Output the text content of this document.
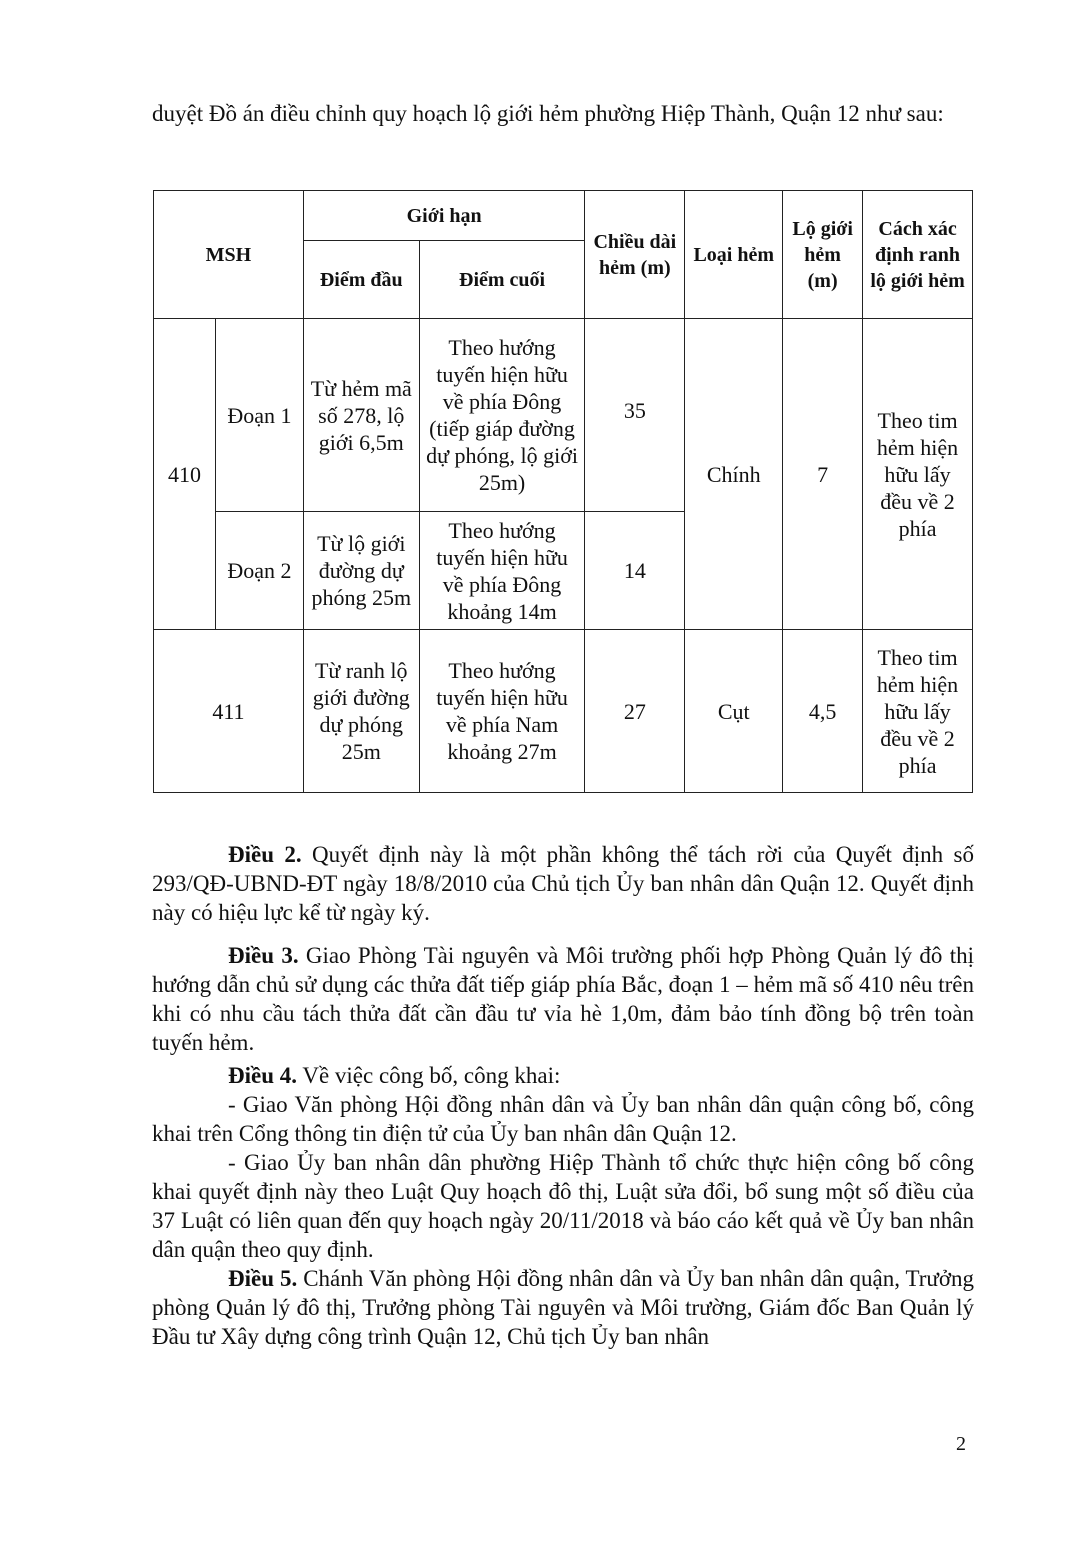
duyệt Đồ án điều chỉnh quy hoạch lộ giới hẻm phường Hiệp Thành, Quận 12 như sau:

MSH		Giới hạn		Chiều dài hẻm (m)	Loại hẻm	Lộ giới hẻm (m)	Cách xác định ranh lộ giới hẻm
		Điểm đầu	Điểm cuối				
410	Đoạn 1	Từ hẻm mã số 278, lộ giới 6,5m	Theo hướng tuyến hiện hữu về phía Đông (tiếp giáp đường dự phóng, lộ giới 25m)	35	Chính	7	Theo tim hẻm hiện hữu lấy đều về 2 phía
	Đoạn 2	Từ lộ giới đường dự phóng 25m	Theo hướng tuyến hiện hữu về phía Đông khoảng 14m	14			
411		Từ ranh lộ giới đường dự phóng 25m	Theo hướng tuyến hiện hữu về phía Nam khoảng 27m	27	Cụt	4,5	Theo tim hẻm hiện hữu lấy đều về 2 phía

Điều 2. Quyết định này là một phần không thể tách rời của Quyết định số 293/QĐ-UBND-ĐT ngày 18/8/2010 của Chủ tịch Ủy ban nhân dân Quận 12. Quyết định này có hiệu lực kể từ ngày ký.

Điều 3. Giao Phòng Tài nguyên và Môi trường phối hợp Phòng Quản lý đô thị hướng dẫn chủ sử dụng các thửa đất tiếp giáp phía Bắc, đoạn 1 – hẻm mã số 410 nêu trên khi có nhu cầu tách thửa đất cần đầu tư vỉa hè 1,0m, đảm bảo tính đồng bộ trên toàn tuyến hẻm.

Điều 4. Về việc công bố, công khai:

- Giao Văn phòng Hội đồng nhân dân và Ủy ban nhân dân quận công bố, công khai trên Cổng thông tin điện tử của Ủy ban nhân dân Quận 12.

- Giao Ủy ban nhân dân phường Hiệp Thành tổ chức thực hiện công bố công khai quyết định này theo Luật Quy hoạch đô thị, Luật sửa đổi, bổ sung một số điều của 37 Luật có liên quan đến quy hoạch ngày 20/11/2018 và báo cáo kết quả về Ủy ban nhân dân quận theo quy định.

Điều 5. Chánh Văn phòng Hội đồng nhân dân và Ủy ban nhân dân quận, Trưởng phòng Quản lý đô thị, Trưởng phòng Tài nguyên và Môi trường, Giám đốc Ban Quản lý Đầu tư Xây dựng công trình Quận 12, Chủ tịch Ủy ban nhân

2
